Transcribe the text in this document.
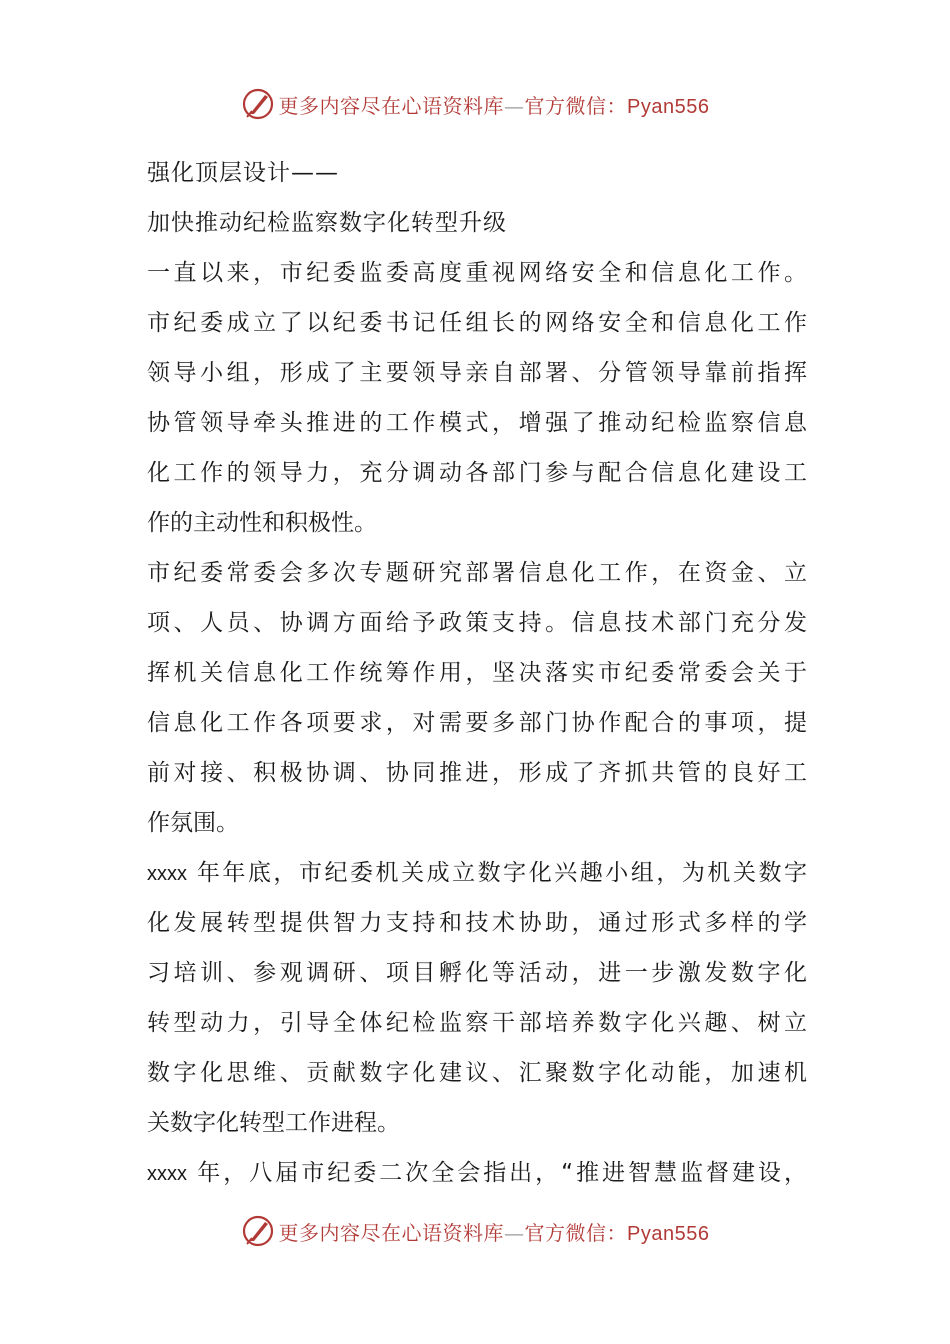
更多内容尽在心语资料库—官方微信：Pyan556
强化顶层设计——
加快推动纪检监察数字化转型升级
一直以来，市纪委监委高度重视网络安全和信息化工作。
市纪委成立了以纪委书记任组长的网络安全和信息化工作
领导小组，形成了主要领导亲自部署、分管领导靠前指挥
协管领导牵头推进的工作模式，增强了推动纪检监察信息
化工作的领导力，充分调动各部门参与配合信息化建设工
作的主动性和积极性。
市纪委常委会多次专题研究部署信息化工作，在资金、立
项、人员、协调方面给予政策支持。信息技术部门充分发
挥机关信息化工作统筹作用，坚决落实市纪委常委会关于
信息化工作各项要求，对需要多部门协作配合的事项，提
前对接、积极协调、协同推进，形成了齐抓共管的良好工
作氛围。
xxxx 年年底，市纪委机关成立数字化兴趣小组，为机关数字
化发展转型提供智力支持和技术协助，通过形式多样的学
习培训、参观调研、项目孵化等活动，进一步激发数字化
转型动力，引导全体纪检监察干部培养数字化兴趣、树立
数字化思维、贡献数字化建议、汇聚数字化动能，加速机
关数字化转型工作进程。
xxxx 年，八届市纪委二次全会指出，“推进智慧监督建设，
更多内容尽在心语资料库—官方微信：Pyan556
